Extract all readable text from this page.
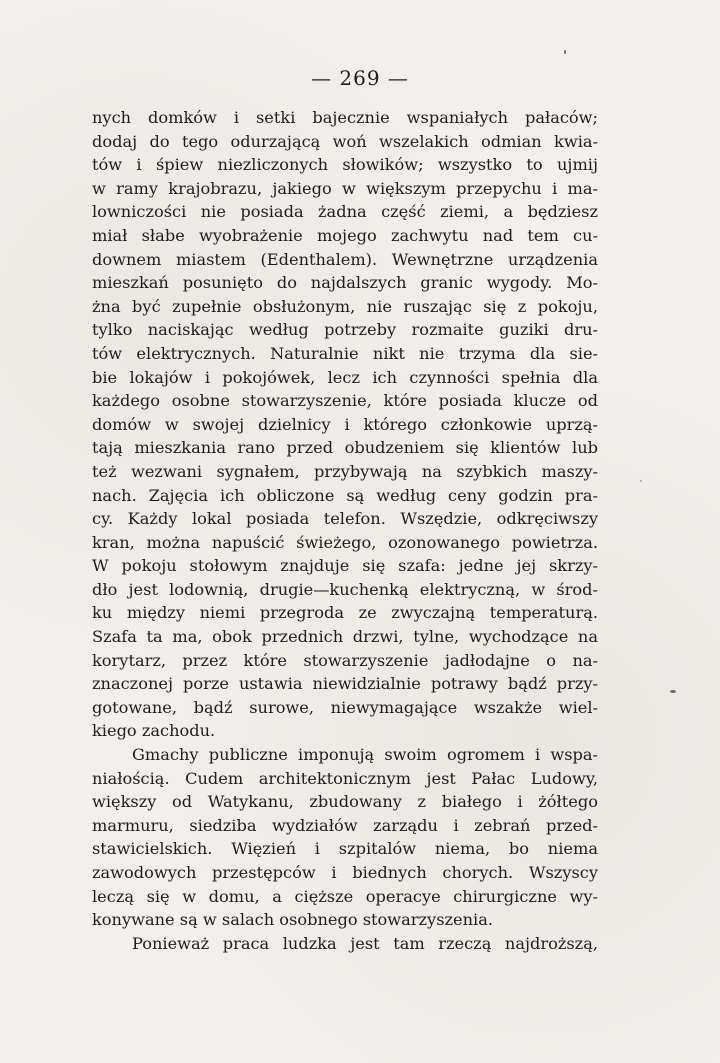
— 269 —
nych domków i setki bajecznie wspaniałych pałaców;
dodaj do tego odurzającą woń wszelakich odmian kwia-
tów i śpiew niezliczonych słowików; wszystko to ujmij
w ramy krajobrazu, jakiego w większym przepychu i ma-
lowniczości nie posiada żadna część ziemi, a będziesz
miał słabe wyobrażenie mojego zachwytu nad tem cu-
downem miastem (Edenthalem). Wewnętrzne urządzenia
mieszkań posunięto do najdalszych granic wygody. Mo-
żna być zupełnie obsłużonym, nie ruszając się z pokoju,
tylko naciskając według potrzeby rozmaite guziki dru-
tów elektrycznych. Naturalnie nikt nie trzyma dla sie-
bie lokajów i pokojówek, lecz ich czynności spełnia dla
każdego osobne stowarzyszenie, które posiada klucze od
domów w swojej dzielnicy i którego członkowie uprzą-
tają mieszkania rano przed obudzeniem się klientów lub
też wezwani sygnałem, przybywają na szybkich maszy-
nach. Zajęcia ich obliczone są według ceny godzin pra-
cy. Każdy lokal posiada telefon. Wszędzie, odkręciwszy
kran, można napuścić świeżego, ozonowanego powietrza.
W pokoju stołowym znajduje się szafa: jedne jej skrzy-
dło jest lodownią, drugie—kuchenką elektryczną, w środ-
ku między niemi przegroda ze zwyczajną temperaturą.
Szafa ta ma, obok przednich drzwi, tylne, wychodzące na
korytarz, przez które stowarzyszenie jadłodajne o na-
znaczonej porze ustawia niewidzialnie potrawy bądź przy-
gotowane, bądź surowe, niewymagające wszakże wiel-
kiego zachodu.
Gmachy publiczne imponują swoim ogromem i wspa-
niałością. Cudem architektonicznym jest Pałac Ludowy,
większy od Watykanu, zbudowany z białego i żółtego
marmuru, siedziba wydziałów zarządu i zebrań przed-
stawicielskich. Więzień i szpitalów niema, bo niema
zawodowych przestępców i biednych chorych. Wszyscy
leczą się w domu, a cięższe operacye chirurgiczne wy-
konywane są w salach osobnego stowarzyszenia.
Ponieważ praca ludzka jest tam rzeczą najdroższą,
